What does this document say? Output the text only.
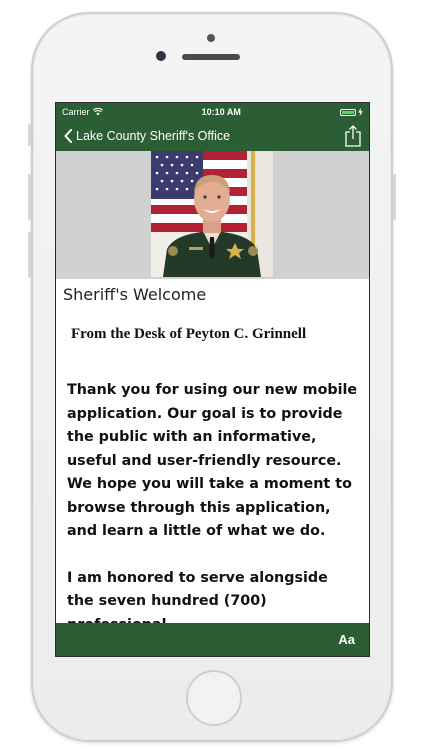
Carrier	10:10 AM
Lake County Sheriff's Office
Sheriff's Welcome
From the Desk of Peyton C. Grinnell

Thank you for using our new mobile application. Our goal is to provide the public with an informative, useful and user-friendly resource. We hope you will take a moment to browse through this application, and learn a little of what we do.

I am honored to serve alongside the seven hundred (700)

Aa
